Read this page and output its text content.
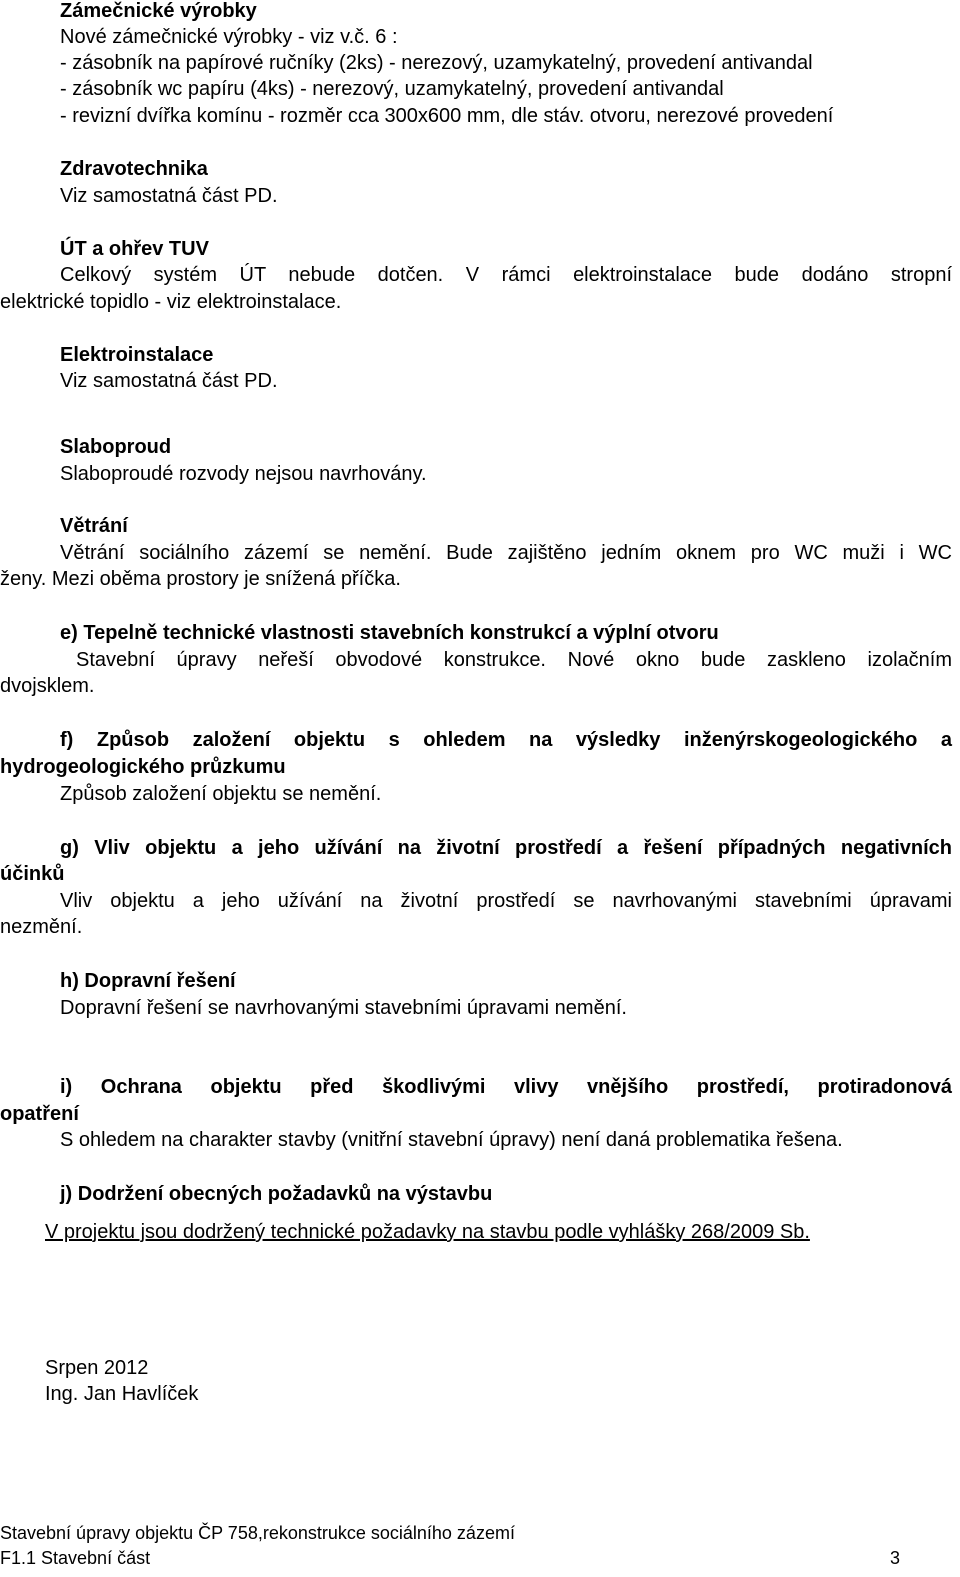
Zámečnické výrobky
Nové zámečnické výrobky - viz v.č. 6 :
- zásobník na papírové ručníky (2ks) - nerezový, uzamykatelný, provedení antivandal
- zásobník wc papíru (4ks) - nerezový, uzamykatelný, provedení antivandal
- revizní dvířka komínu - rozměr cca 300x600 mm, dle stáv. otvoru, nerezové provedení
Zdravotechnika
Viz samostatná část PD.
ÚT a ohřev TUV
Celkový systém ÚT nebude dotčen. V rámci elektroinstalace bude dodáno stropní
elektrické topidlo - viz elektroinstalace.
Elektroinstalace
Viz samostatná část PD.
Slaboproud
Slaboproudé rozvody nejsou navrhovány.
Větrání
Větrání sociálního zázemí se nemění. Bude zajištěno jedním oknem pro WC muži i WC
ženy. Mezi oběma prostory je snížená příčka.
e) Tepelně technické vlastnosti stavebních konstrukcí a výplní otvoru
Stavební úpravy neřeší obvodové konstrukce. Nové okno bude zaskleno izolačním
dvojsklem.
f) Způsob založení objektu s ohledem na výsledky inženýrskogeologického a
hydrogeologického průzkumu
Způsob založení objektu se nemění.
g) Vliv objektu a jeho užívání na životní prostředí a řešení případných negativních
účinků
Vliv objektu a jeho užívání na životní prostředí se navrhovanými stavebními úpravami
nezmění.
h) Dopravní řešení
Dopravní řešení se navrhovanými stavebními úpravami nemění.
i) Ochrana objektu před škodlivými vlivy vnějšího prostředí, protiradonová
opatření
S ohledem na charakter stavby (vnitřní stavební úpravy) není daná problematika řešena.
j) Dodržení obecných požadavků na výstavbu
V projektu jsou dodržený technické požadavky na stavbu podle vyhlášky 268/2009 Sb.
Srpen 2012
Ing. Jan Havlíček
Stavební úpravy objektu ČP 758,rekonstrukce sociálního zázemí
F1.1 Stavební část	3
